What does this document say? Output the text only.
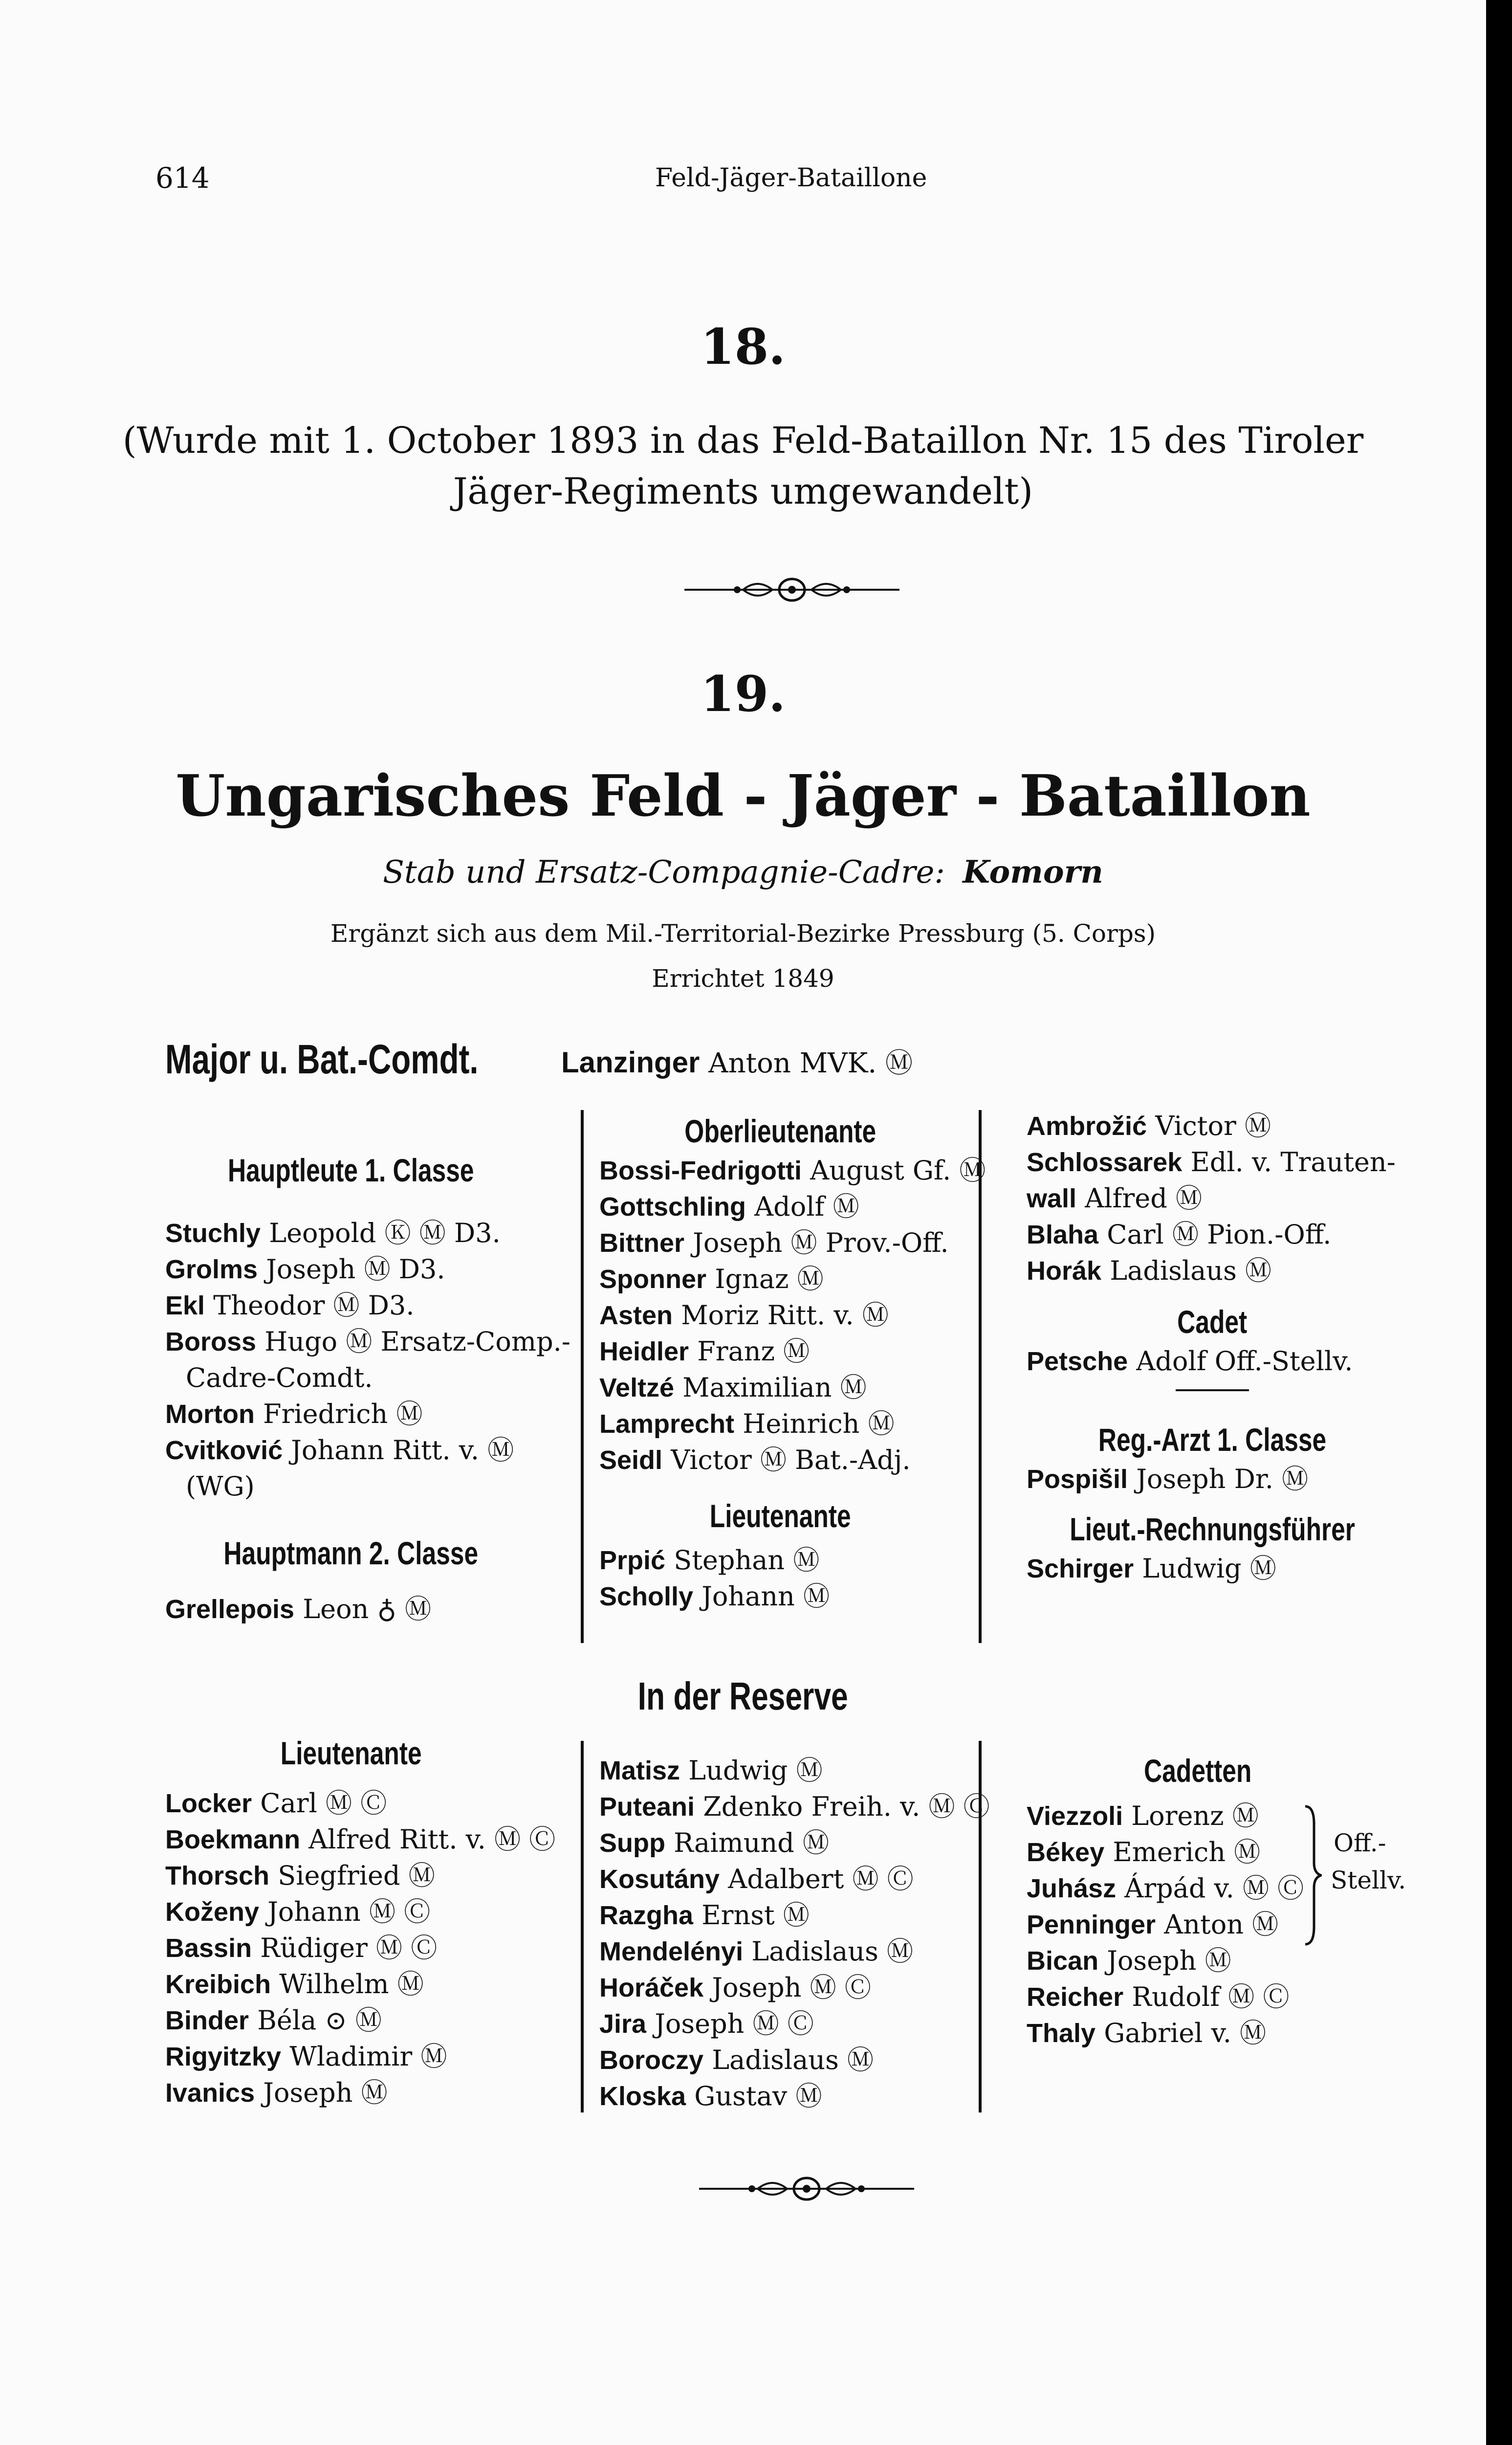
614	Feld-Jäger-Bataillone
18.
(Wurde mit 1. October 1893 in das Feld-Bataillon Nr. 15 des Tiroler
Jäger-Regiments umgewandelt)
19.
Ungarisches Feld - Jäger - Bataillon
Stab und Ersatz-Compagnie-Cadre: Komorn
Ergänzt sich aus dem Mil.-Territorial-Bezirke Pressburg (5. Corps)
Errichtet 1849
Major u. Bat.-Comdt.	Lanzinger Anton MVK. Ⓜ
Hauptleute 1. Classe
Stuchly Leopold Ⓚ Ⓜ D3.
Grolms Joseph Ⓜ D3.
Ekl Theodor Ⓜ D3.
Boross Hugo Ⓜ Ersatz-Comp.-
Cadre-Comdt.
Morton Friedrich Ⓜ
Cvitković Johann Ritt. v. Ⓜ
(WG)
Hauptmann 2. Classe
Grellepois Leon ♁ Ⓜ
Oberlieutenante
Bossi-Fedrigotti August Gf. Ⓜ
Gottschling Adolf Ⓜ
Bittner Joseph Ⓜ Prov.-Off.
Sponner Ignaz Ⓜ
Asten Moriz Ritt. v. Ⓜ
Heidler Franz Ⓜ
Veltzé Maximilian Ⓜ
Lamprecht Heinrich Ⓜ
Seidl Victor Ⓜ Bat.-Adj.
Lieutenante
Prpić Stephan Ⓜ
Scholly Johann Ⓜ
Ambrožić Victor Ⓜ
Schlossarek Edl. v. Trauten-
wall Alfred Ⓜ
Blaha Carl Ⓜ Pion.-Off.
Horák Ladislaus Ⓜ
Cadet
Petsche Adolf Off.-Stellv.
Reg.-Arzt 1. Classe
Pospišil Joseph Dr. Ⓜ
Lieut.-Rechnungsführer
Schirger Ludwig Ⓜ
In der Reserve
Lieutenante
Locker Carl Ⓜ Ⓒ
Boekmann Alfred Ritt. v. Ⓜ Ⓒ
Thorsch Siegfried Ⓜ
Koženy Johann Ⓜ Ⓒ
Bassin Rüdiger Ⓜ Ⓒ
Kreibich Wilhelm Ⓜ
Binder Béla ⊙ Ⓜ
Rigyitzky Wladimir Ⓜ
Ivanics Joseph Ⓜ
Matisz Ludwig Ⓜ
Puteani Zdenko Freih. v. Ⓜ Ⓒ
Supp Raimund Ⓜ
Kosutány Adalbert Ⓜ Ⓒ
Razgha Ernst Ⓜ
Mendelényi Ladislaus Ⓜ
Horáček Joseph Ⓜ Ⓒ
Jira Joseph Ⓜ Ⓒ
Boroczy Ladislaus Ⓜ
Kloska Gustav Ⓜ
Cadetten
Viezzoli Lorenz Ⓜ
Békey Emerich Ⓜ
Juhász Árpád v. Ⓜ Ⓒ
Penninger Anton Ⓜ
Bican Joseph Ⓜ
Reicher Rudolf Ⓜ Ⓒ
Thaly Gabriel v. Ⓜ
Off.-
Stellv.
